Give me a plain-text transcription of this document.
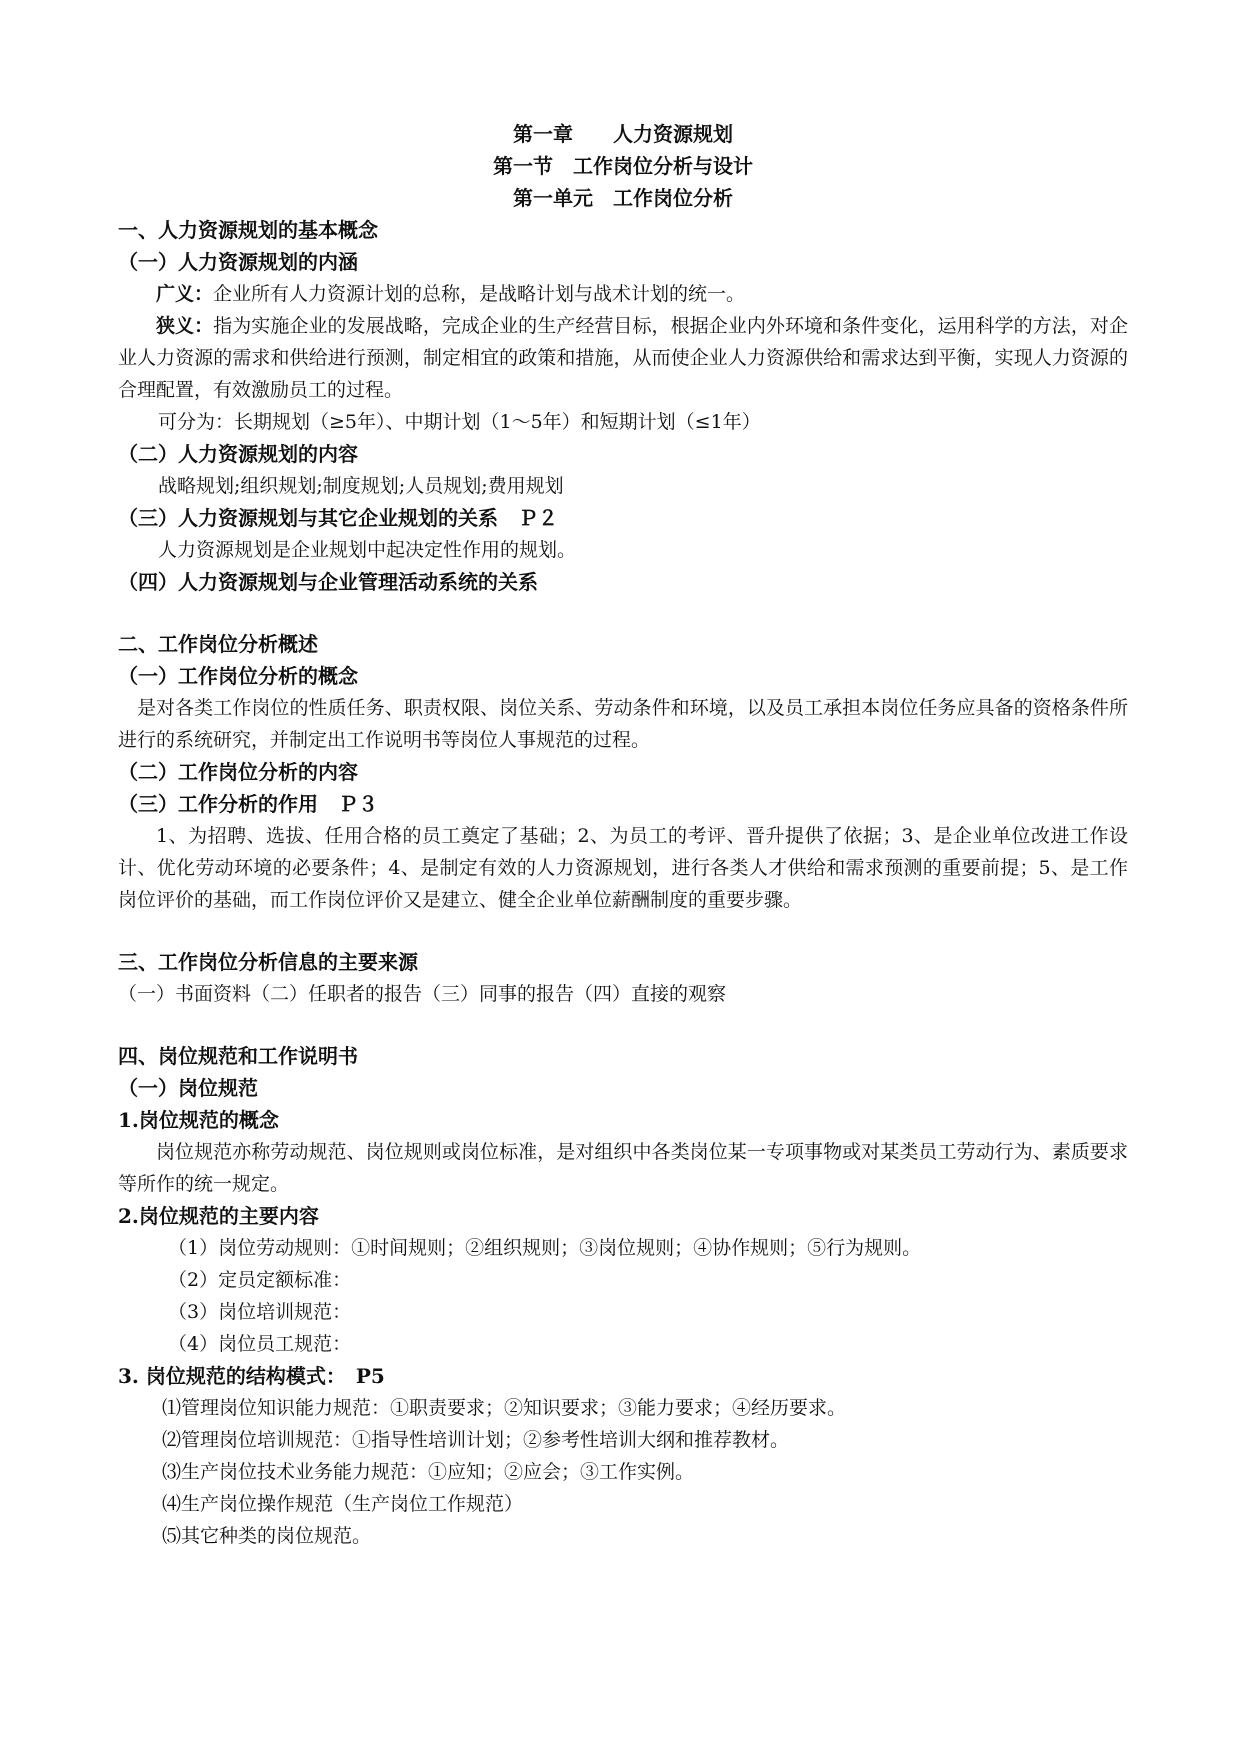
第一章　　人力资源规划
第一节　工作岗位分析与设计
第一单元　工作岗位分析
一、人力资源规划的基本概念
（一）人力资源规划的内涵
广义：企业所有人力资源计划的总称，是战略计划与战术计划的统一。
狭义：指为实施企业的发展战略，完成企业的生产经营目标，根据企业内外环境和条件变化，运用科学的方法，对企业人力资源的需求和供给进行预测，制定相宜的政策和措施，从而使企业人力资源供给和需求达到平衡，实现人力资源的合理配置，有效激励员工的过程。
可分为：长期规划（≥5年）、中期计划（1～5年）和短期计划（≤1年）
（二）人力资源规划的内容
战略规划;组织规划;制度规划;人员规划;费用规划
（三）人力资源规划与其它企业规划的关系　Ｐ２
人力资源规划是企业规划中起决定性作用的规划。
（四）人力资源规划与企业管理活动系统的关系
二、工作岗位分析概述
（一）工作岗位分析的概念
是对各类工作岗位的性质任务、职责权限、岗位关系、劳动条件和环境，以及员工承担本岗位任务应具备的资格条件所进行的系统研究，并制定出工作说明书等岗位人事规范的过程。
（二）工作岗位分析的内容
（三）工作分析的作用　Ｐ３
1、为招聘、选拔、任用合格的员工奠定了基础；2、为员工的考评、晋升提供了依据；3、是企业单位改进工作设计、优化劳动环境的必要条件；4、是制定有效的人力资源规划，进行各类人才供给和需求预测的重要前提；5、是工作岗位评价的基础，而工作岗位评价又是建立、健全企业单位薪酬制度的重要步骤。
三、工作岗位分析信息的主要来源
（一）书面资料（二）任职者的报告（三）同事的报告（四）直接的观察
四、岗位规范和工作说明书
（一）岗位规范
1.岗位规范的概念
岗位规范亦称劳动规范、岗位规则或岗位标准，是对组织中各类岗位某一专项事物或对某类员工劳动行为、素质要求等所作的统一规定。
2.岗位规范的主要内容
（1）岗位劳动规则：①时间规则；②组织规则；③岗位规则；④协作规则；⑤行为规则。
（2）定员定额标准：
（3）岗位培训规范：
（4）岗位员工规范：
3. 岗位规范的结构模式：　P5
⑴管理岗位知识能力规范：①职责要求；②知识要求；③能力要求；④经历要求。
⑵管理岗位培训规范：①指导性培训计划；②参考性培训大纲和推荐教材。
⑶生产岗位技术业务能力规范：①应知；②应会；③工作实例。
⑷生产岗位操作规范（生产岗位工作规范）
⑸其它种类的岗位规范。
